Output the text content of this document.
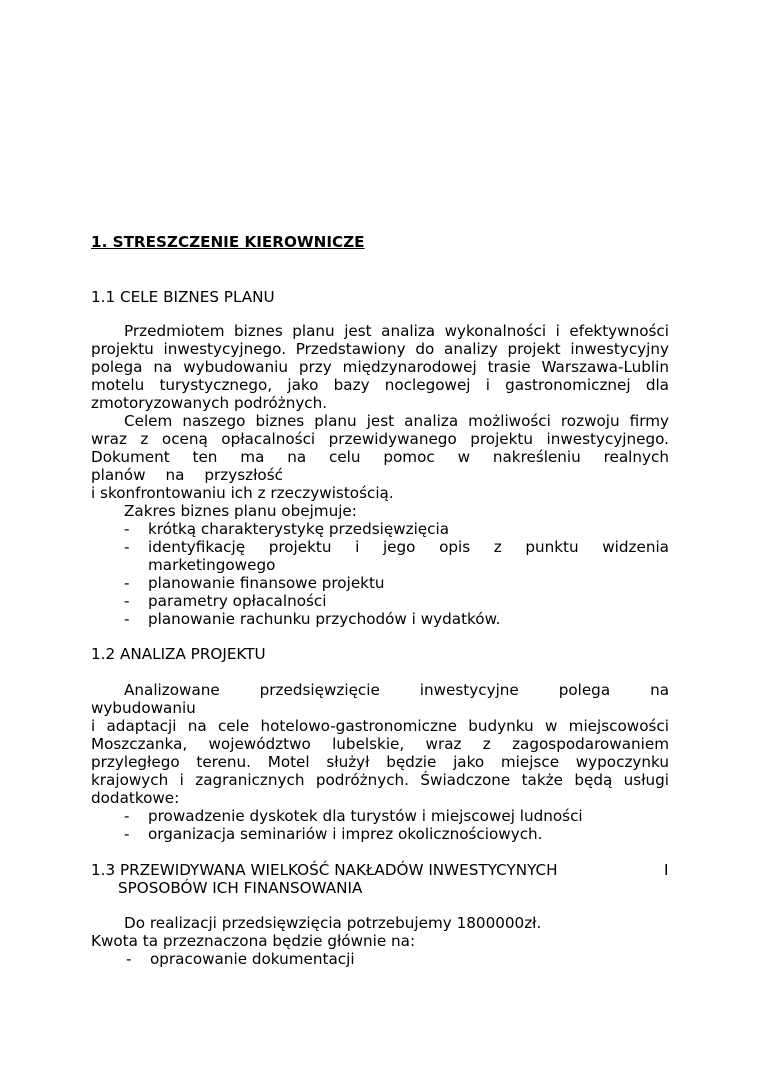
1. STRESZCZENIE KIEROWNICZE
1.1 CELE BIZNES PLANU
Przedmiotem biznes planu jest analiza wykonalności i efektywności
projektu inwestycyjnego. Przedstawiony do analizy projekt inwestycyjny
polega na wybudowaniu przy międzynarodowej trasie Warszawa-Lublin
motelu turystycznego, jako bazy noclegowej i gastronomicznej dla
zmotoryzowanych podróżnych.
Celem naszego biznes planu jest analiza możliwości rozwoju firmy
wraz z oceną opłacalności przewidywanego projektu inwestycyjnego.
Dokument ten ma na celu pomoc w nakreśleniu realnych
planów na przyszłość
i skonfrontowaniu ich z rzeczywistością.
Zakres biznes planu obejmuje:
- krótką charakterystykę przedsięwzięcia
- identyfikację projektu i jego opis z punktu widzenia
marketingowego
- planowanie finansowe projektu
- parametry opłacalności
- planowanie rachunku przychodów i wydatków.
1.2 ANALIZA PROJEKTU
Analizowane przedsięwzięcie inwestycyjne polega na
wybudowaniu
i adaptacji na cele hotelowo-gastronomiczne budynku w miejscowości
Moszczanka, województwo lubelskie, wraz z zagospodarowaniem
przyległego terenu. Motel służył będzie jako miejsce wypoczynku
krajowych i zagranicznych podróżnych. Świadczone także będą usługi
dodatkowe:
- prowadzenie dyskotek dla turystów i miejscowej ludności
- organizacja seminariów i imprez okolicznościowych.
1.3 PRZEWIDYWANA WIELKOŚĆ NAKŁADÓW INWESTYCYNYCH	I
SPOSOBÓW ICH FINANSOWANIA
Do realizacji przedsięwzięcia potrzebujemy 1800000zł.
Kwota ta przeznaczona będzie głównie na:
- opracowanie dokumentacji
